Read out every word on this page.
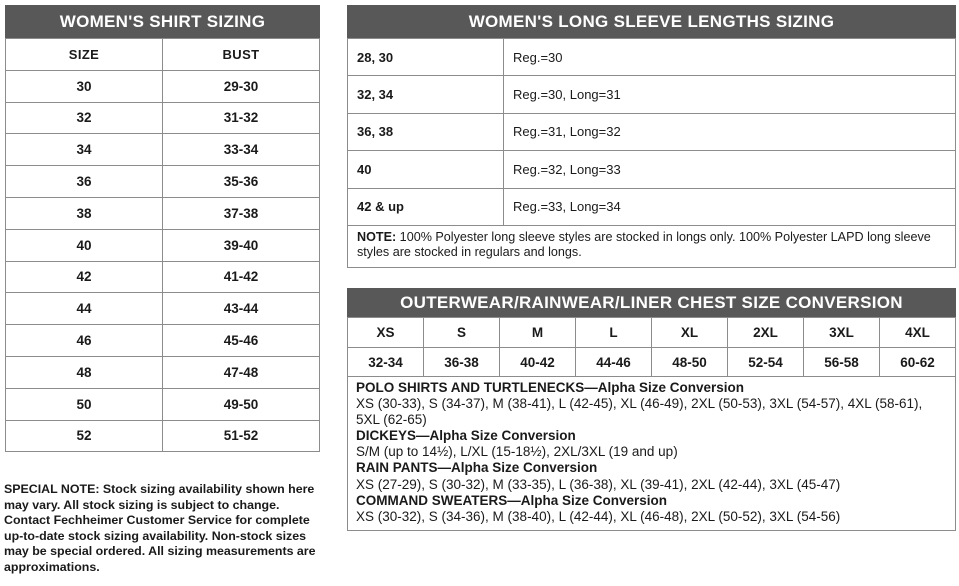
WOMEN'S SHIRT SIZING
SIZE	BUST
30	29-30
32	31-32
34	33-34
36	35-36
38	37-38
40	39-40
42	41-42
44	43-44
46	45-46
48	47-48
50	49-50
52	51-52
SPECIAL NOTE: Stock sizing availability shown here may vary. All stock sizing is subject to change. Contact Fechheimer Customer Service for complete up-to-date stock sizing availability. Non-stock sizes may be special ordered. All sizing measurements are approximations.
WOMEN'S LONG SLEEVE LENGTHS SIZING
28, 30	Reg.=30
32, 34	Reg.=30, Long=31
36, 38	Reg.=31, Long=32
40	Reg.=32, Long=33
42 & up	Reg.=33, Long=34
NOTE: 100% Polyester long sleeve styles are stocked in longs only. 100% Polyester LAPD long sleeve styles are stocked in regulars and longs.	
OUTERWEAR/RAINWEAR/LINER CHEST SIZE CONVERSION
XS	S	M	L	XL	2XL	3XL	4XL
32-34	36-38	40-42	44-46	48-50	52-54	56-58	60-62

POLO SHIRTS AND TURTLENECKS—Alpha Size Conversion
XS (30-33), S (34-37), M (38-41), L (42-45), XL (46-49), 2XL (50-53), 3XL (54-57), 4XL (58-61), 5XL (62-65)
DICKEYS—Alpha Size Conversion
S/M (up to 14½), L/XL (15-18½), 2XL/3XL (19 and up)
RAIN PANTS—Alpha Size Conversion
XS (27-29), S (30-32), M (33-35), L (36-38), XL (39-41), 2XL (42-44), 3XL (45-47)
COMMAND SWEATERS—Alpha Size Conversion
XS (30-32), S (34-36), M (38-40), L (42-44), XL (46-48), 2XL (50-52), 3XL (54-56)
